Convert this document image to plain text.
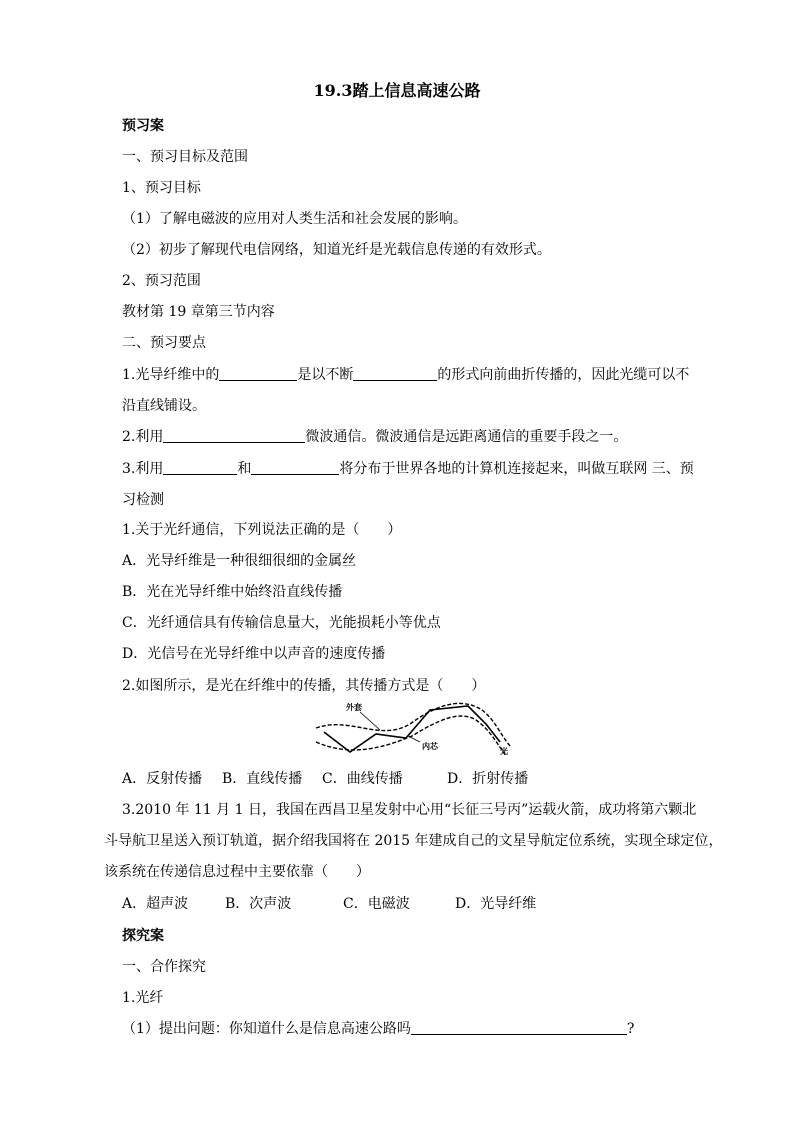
19.3踏上信息高速公路
预习案
一、预习目标及范围
1、预习目标
（1）了解电磁波的应用对人类生活和社会发展的影响。
（2）初步了解现代电信网络，知道光纤是光载信息传递的有效形式。
2、预习范围
教材第 19 章第三节内容
二、预习要点
1.光导纤维中的	是以不断	的形式向前曲折传播的，因此光缆可以不
沿直线铺设。
2.利用	微波通信。微波通信是远距离通信的重要手段之一。
3.利用	和	将分布于世界各地的计算机连接起来，叫做互联网 三、预
习检测
1.关于光纤通信，下列说法正确的是（　　）
A．光导纤维是一种很细很细的金属丝
B．光在光导纤维中始终沿直线传播
C．光纤通信具有传输信息量大，光能损耗小等优点
D．光信号在光导纤维中以声音的速度传播
2.如图所示，是光在纤维中的传播，其传播方式是（　　）
外套
内芯	光
A．反射传播 B．直线传播 C．曲线传播	D．折射传播
3.2010 年 11 月 1 日，我国在西昌卫星发射中心用“长征三号丙”运载火箭，成功将第六颗北
斗导航卫星送入预订轨道，据介绍我国将在 2015 年建成自己的文星导航定位系统，实现全球定位，
该系统在传递信息过程中主要依靠（　　）
A．超声波	B．次声波	C．电磁波	D．光导纤维
探究案
一、合作探究
1.光纤
（1）提出问题：你知道什么是信息高速公路吗	?
